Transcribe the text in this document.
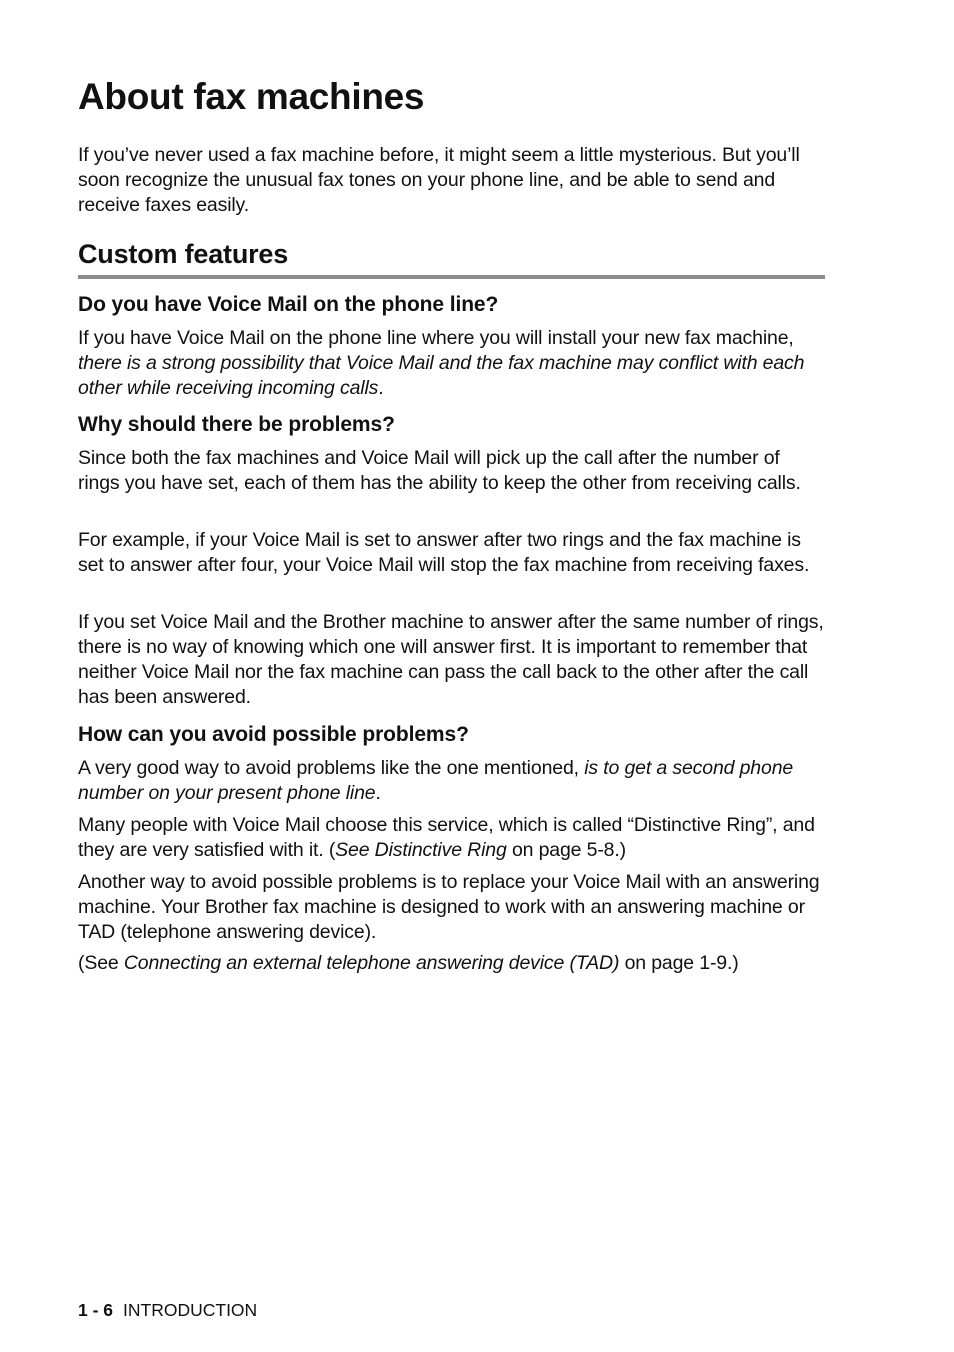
About fax machines

If you’ve never used a fax machine before, it might seem a little mysterious. But you’ll soon recognize the unusual fax tones on your phone line, and be able to send and receive faxes easily.

Custom features
Do you have Voice Mail on the phone line?

If you have Voice Mail on the phone line where you will install your new fax machine, there is a strong possibility that Voice Mail and the fax machine may conflict with each other while receiving incoming calls.

Why should there be problems?

Since both the fax machines and Voice Mail will pick up the call after the number of rings you have set, each of them has the ability to keep the other from receiving calls.

For example, if your Voice Mail is set to answer after two rings and the fax machine is set to answer after four, your Voice Mail will stop the fax machine from receiving faxes.

If you set Voice Mail and the Brother machine to answer after the same number of rings, there is no way of knowing which one will answer first. It is important to remember that neither Voice Mail nor the fax machine can pass the call back to the other after the call has been answered.

How can you avoid possible problems?

A very good way to avoid problems like the one mentioned, is to get a second phone number on your present phone line.

Many people with Voice Mail choose this service, which is called “Distinctive Ring”, and they are very satisfied with it. (See Distinctive Ring on page 5-8.)

Another way to avoid possible problems is to replace your Voice Mail with an answering machine. Your Brother fax machine is designed to work with an answering machine or TAD (telephone answering device).

(See Connecting an external telephone answering device (TAD) on page 1-9.)

1 - 6 INTRODUCTION
